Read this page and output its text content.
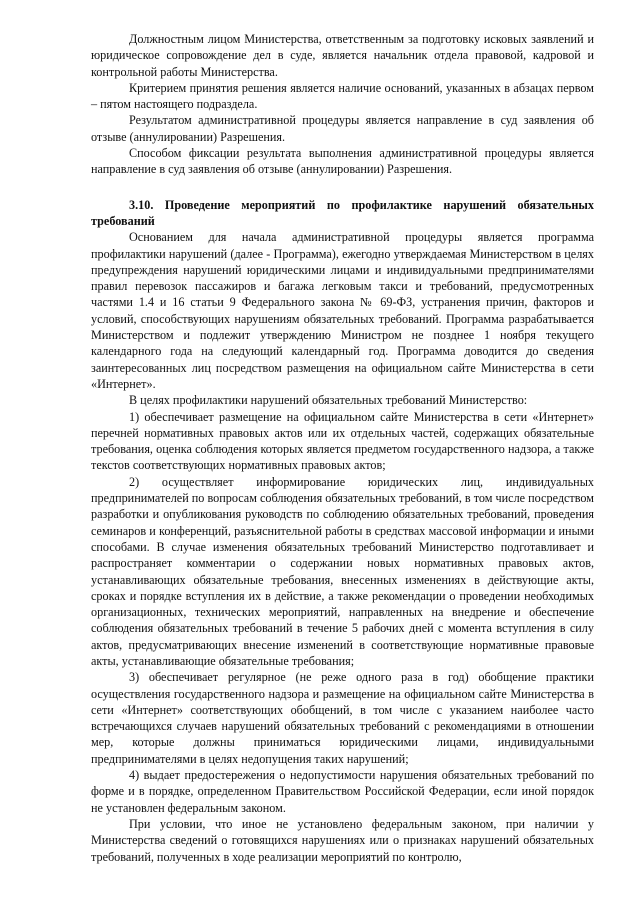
Должностным лицом Министерства, ответственным за подготовку исковых заявлений и юридическое сопровождение дел в суде, является начальник отдела правовой, кадровой и контрольной работы Министерства.

Критерием принятия решения является наличие оснований, указанных в абзацах первом – пятом настоящего подраздела.

Результатом административной процедуры является направление в суд заявления об отзыве (аннулировании) Разрешения.

Способом фиксации результата выполнения административной процедуры является направление в суд заявления об отзыве (аннулировании) Разрешения.

3.10. Проведение мероприятий по профилактике нарушений обязательных требований

Основанием для начала административной процедуры является программа профилактики нарушений (далее - Программа), ежегодно утверждаемая Министерством в целях предупреждения нарушений юридическими лицами и индивидуальными предпринимателями правил перевозок пассажиров и багажа легковым такси и требований, предусмотренных частями 1.4 и 16 статьи 9 Федерального закона № 69-ФЗ, устранения причин, факторов и условий, способствующих нарушениям обязательных требований. Программа разрабатывается Министерством и подлежит утверждению Министром не позднее 1 ноября текущего календарного года на следующий календарный год. Программа доводится до сведения заинтересованных лиц посредством размещения на официальном сайте Министерства в сети «Интернет».

В целях профилактики нарушений обязательных требований Министерство:

1) обеспечивает размещение на официальном сайте Министерства в сети «Интернет» перечней нормативных правовых актов или их отдельных частей, содержащих обязательные требования, оценка соблюдения которых является предметом государственного надзора, а также текстов соответствующих нормативных правовых актов;

2) осуществляет информирование юридических лиц, индивидуальных предпринимателей по вопросам соблюдения обязательных требований, в том числе посредством разработки и опубликования руководств по соблюдению обязательных требований, проведения семинаров и конференций, разъяснительной работы в средствах массовой информации и иными способами. В случае изменения обязательных требований Министерство подготавливает и распространяет комментарии о содержании новых нормативных правовых актов, устанавливающих обязательные требования, внесенных изменениях в действующие акты, сроках и порядке вступления их в действие, а также рекомендации о проведении необходимых организационных, технических мероприятий, направленных на внедрение и обеспечение соблюдения обязательных требований в течение 5 рабочих дней с момента вступления в силу актов, предусматривающих внесение изменений в соответствующие нормативные правовые акты, устанавливающие обязательные требования;

3) обеспечивает регулярное (не реже одного раза в год) обобщение практики осуществления государственного надзора и размещение на официальном сайте Министерства в сети «Интернет» соответствующих обобщений, в том числе с указанием наиболее часто встречающихся случаев нарушений обязательных требований с рекомендациями в отношении мер, которые должны приниматься юридическими лицами, индивидуальными предпринимателями в целях недопущения таких нарушений;

4) выдает предостережения о недопустимости нарушения обязательных требований по форме и в порядке, определенном Правительством Российской Федерации, если иной порядок не установлен федеральным законом.

При условии, что иное не установлено федеральным законом, при наличии у Министерства сведений о готовящихся нарушениях или о признаках нарушений обязательных требований, полученных в ходе реализации мероприятий по контролю,
